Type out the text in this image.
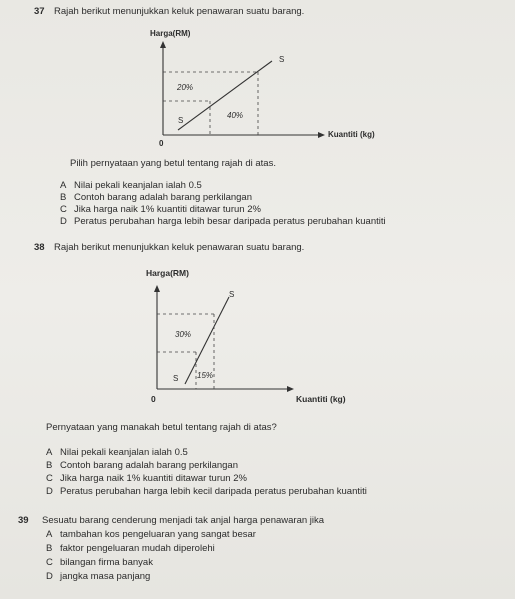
37 Rajah berikut menunjukkan keluk penawaran suatu barang.
Harga(RM)
Kuantiti (kg)
0
S
S
20%
40%
Pilih pernyataan yang betul tentang rajah di atas.
A Nilai pekali keanjalan ialah 0.5
B Contoh barang adalah barang perkilangan
C Jika harga naik 1% kuantiti ditawar turun 2%
D Peratus perubahan harga lebih besar daripada peratus perubahan kuantiti
38 Rajah berikut menunjukkan keluk penawaran suatu barang.
Harga(RM)
Kuantiti (kg)
0
S
S
30%
15%
Pernyataan yang manakah betul tentang rajah di atas?
A Nilai pekali keanjalan ialah 0.5
B Contoh barang adalah barang perkilangan
C Jika harga naik 1% kuantiti ditawar turun 2%
D Peratus perubahan harga lebih kecil daripada peratus perubahan kuantiti
39 Sesuatu barang cenderung menjadi tak anjal harga penawaran jika
A tambahan kos pengeluaran yang sangat besar
B faktor pengeluaran mudah diperolehi
C bilangan firma banyak
D jangka masa panjang
